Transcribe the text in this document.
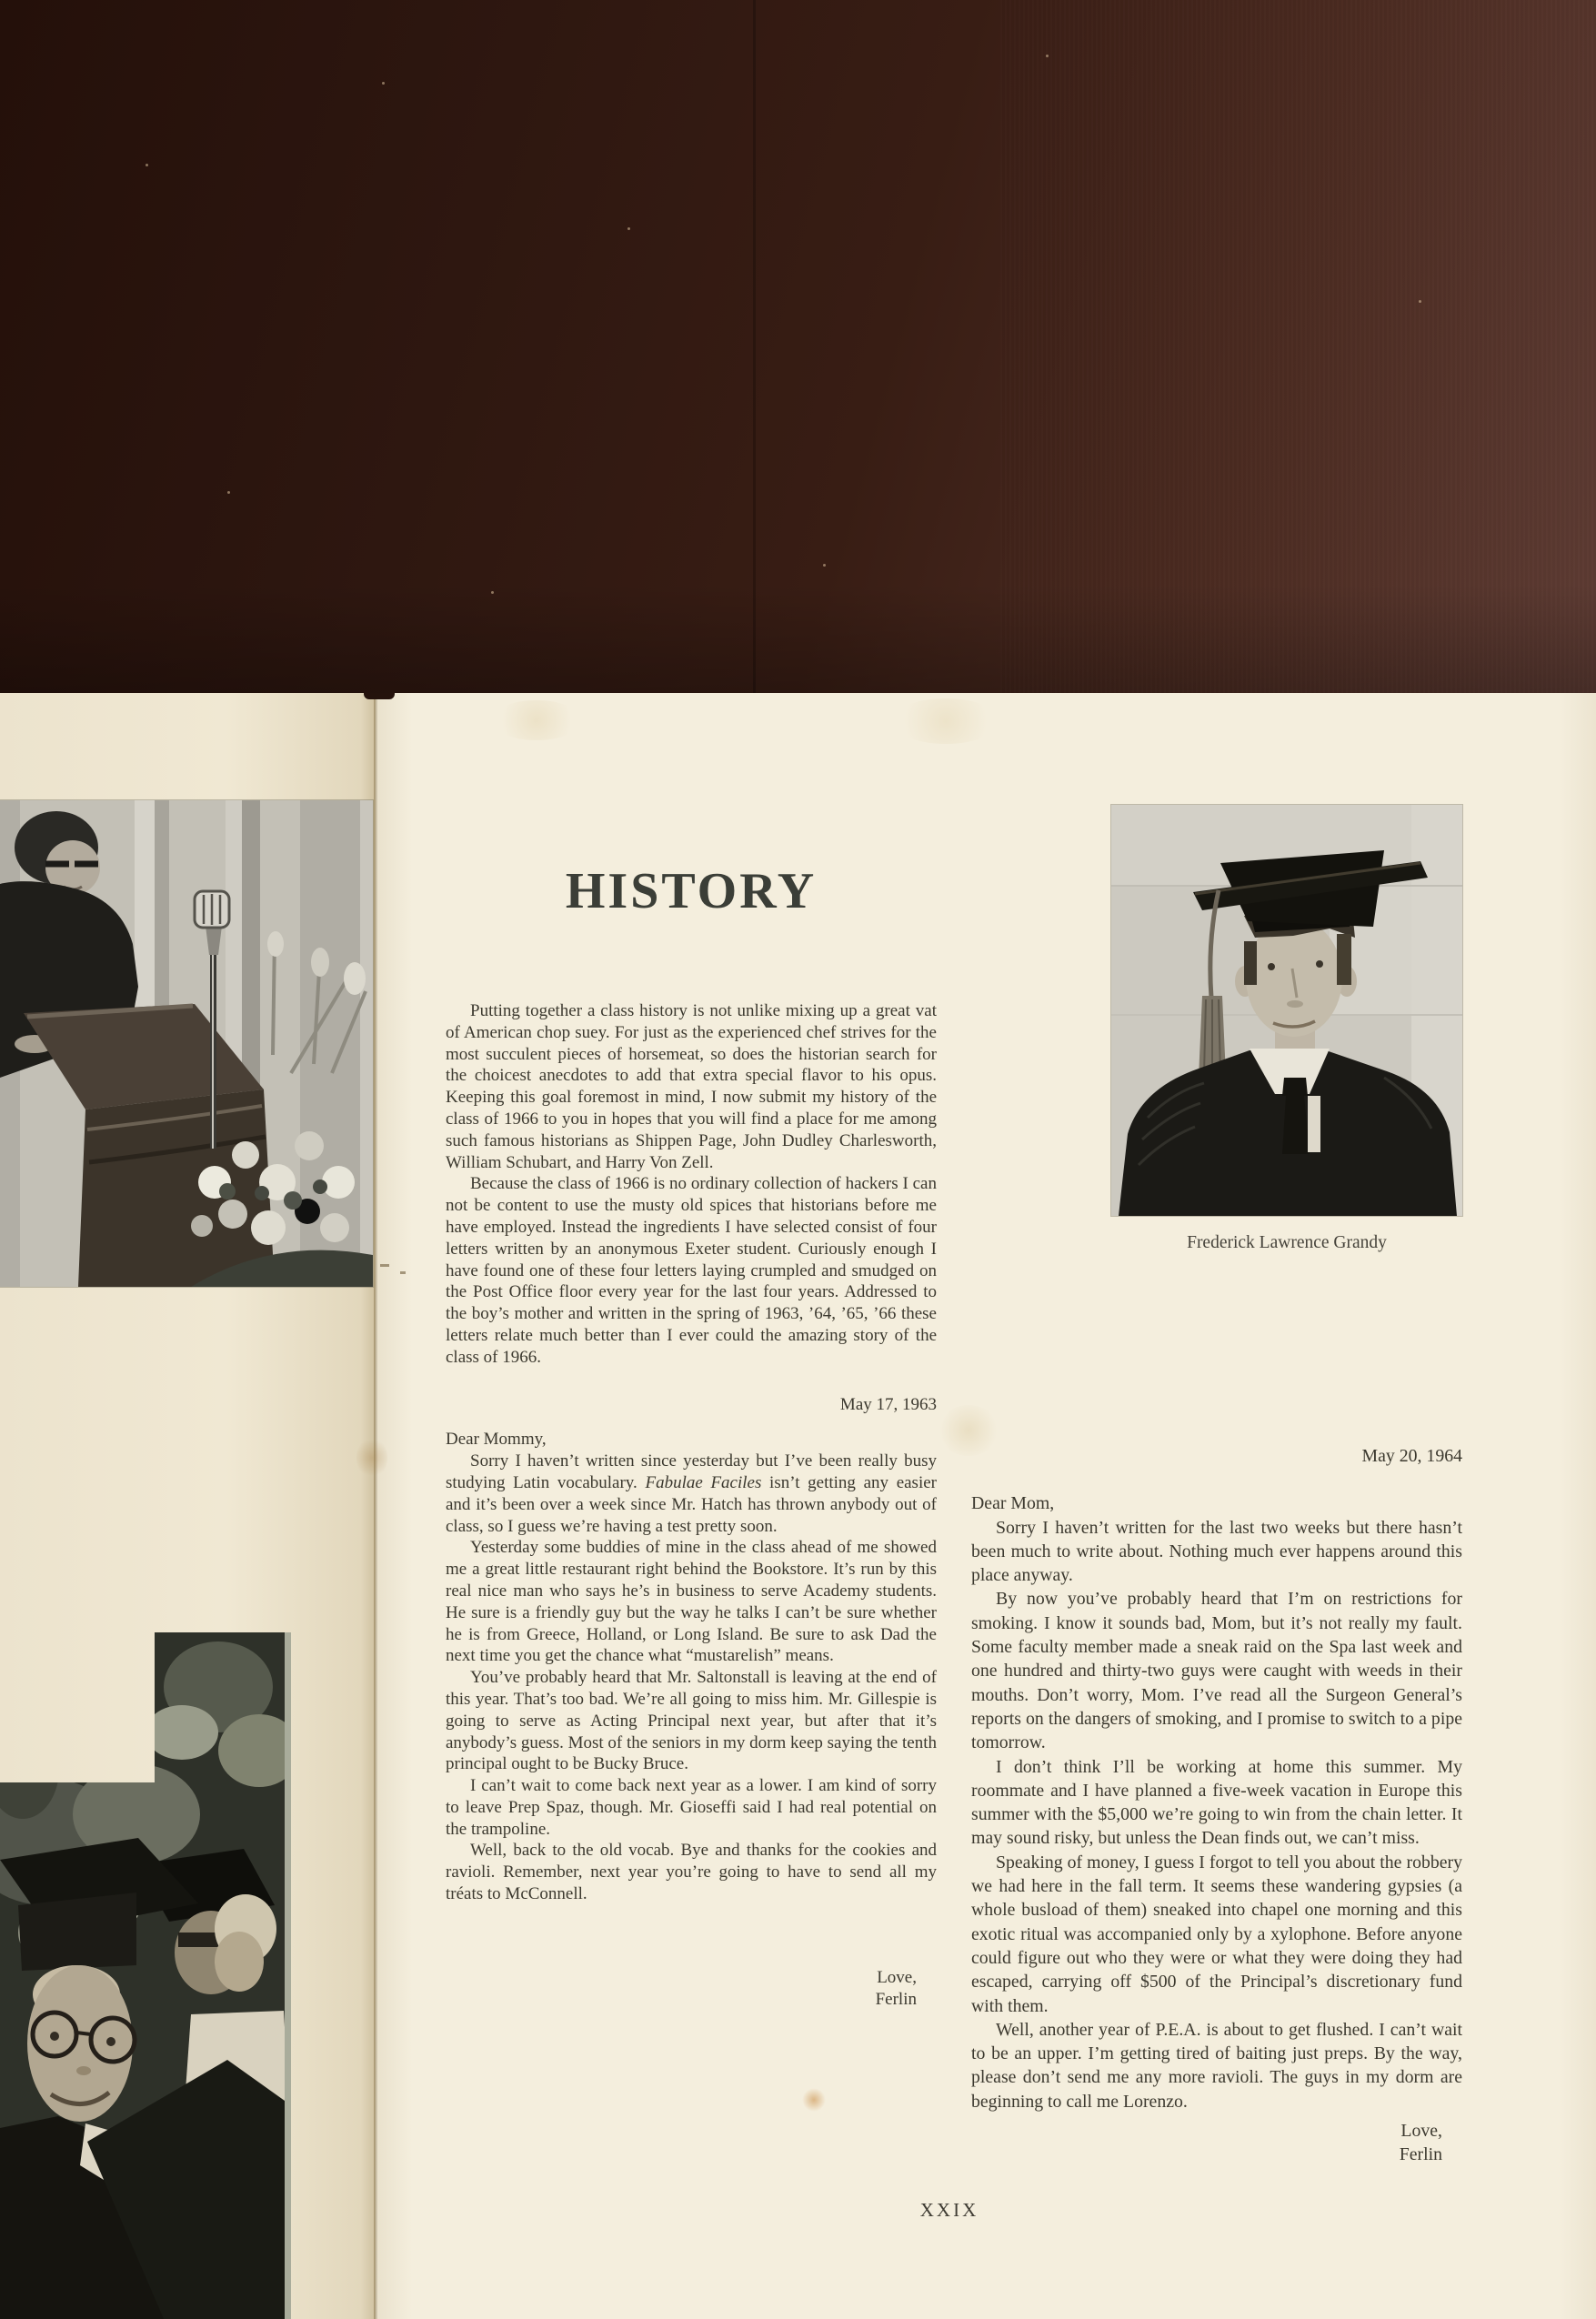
HISTORY

Putting together a class history is not unlike mixing up a great vat of American chop suey. For just as the experienced chef strives for the most succulent pieces of horsemeat, so does the historian search for the choicest anecdotes to add that extra special flavor to his opus. Keeping this goal foremost in mind, I now submit my history of the class of 1966 to you in hopes that you will find a place for me among such famous historians as Shippen Page, John Dudley Charlesworth, William Schubart, and Harry Von Zell.

Because the class of 1966 is no ordinary collection of hackers I can not be content to use the musty old spices that historians before me have employed. Instead the ingredients I have selected consist of four letters written by an anonymous Exeter student. Curiously enough I have found one of these four letters laying crumpled and smudged on the Post Office floor every year for the last four years. Addressed to the boy’s mother and written in the spring of 1963, ’64, ’65, ’66 these letters relate much better than I ever could the amazing story of the class of 1966.

May 17, 1963

Dear Mommy,

Sorry I haven’t written since yesterday but I’ve been really busy studying Latin vocabulary. Fabulae Faciles isn’t getting any easier and it’s been over a week since Mr. Hatch has thrown anybody out of class, so I guess we’re having a test pretty soon.

Yesterday some buddies of mine in the class ahead of me showed me a great little restaurant right behind the Bookstore. It’s run by this real nice man who says he’s in business to serve Academy students. He sure is a friendly guy but the way he talks I can’t be sure whether he is from Greece, Holland, or Long Island. Be sure to ask Dad the next time you get the chance what “mustarelish” means.

You’ve probably heard that Mr. Saltonstall is leaving at the end of this year. That’s too bad. We’re all going to miss him. Mr. Gillespie is going to serve as Acting Principal next year, but after that it’s anybody’s guess. Most of the seniors in my dorm keep saying the tenth principal ought to be Bucky Bruce.

I can’t wait to come back next year as a lower. I am kind of sorry to leave Prep Spaz, though. Mr. Gioseffi said I had real potential on the trampoline.

Well, back to the old vocab. Bye and thanks for the cookies and ravioli. Remember, next year you’re going to have to send all my tréats to McConnell.

Love,
Ferlin

May 20, 1964

Dear Mom,

Sorry I haven’t written for the last two weeks but there hasn’t been much to write about. Nothing much ever happens around this place anyway.

By now you’ve probably heard that I’m on restrictions for smoking. I know it sounds bad, Mom, but it’s not really my fault. Some faculty member made a sneak raid on the Spa last week and one hundred and thirty-two guys were caught with weeds in their mouths. Don’t worry, Mom. I’ve read all the Surgeon General’s reports on the dangers of smoking, and I promise to switch to a pipe tomorrow.

I don’t think I’ll be working at home this summer. My roommate and I have planned a five-week vacation in Europe this summer with the $5,000 we’re going to win from the chain letter. It may sound risky, but unless the Dean finds out, we can’t miss.

Speaking of money, I guess I forgot to tell you about the robbery we had here in the fall term. It seems these wandering gypsies (a whole busload of them) sneaked into chapel one morning and this exotic ritual was accompanied only by a xylophone. Before anyone could figure out who they were or what they were doing they had escaped, carrying off $500 of the Principal’s discretionary fund with them.

Well, another year of P.E.A. is about to get flushed. I can’t wait to be an upper. I’m getting tired of baiting just preps. By the way, please don’t send me any more ravioli. The guys in my dorm are beginning to call me Lorenzo.

Love,
Ferlin
Frederick Lawrence Grandy
XXIX
